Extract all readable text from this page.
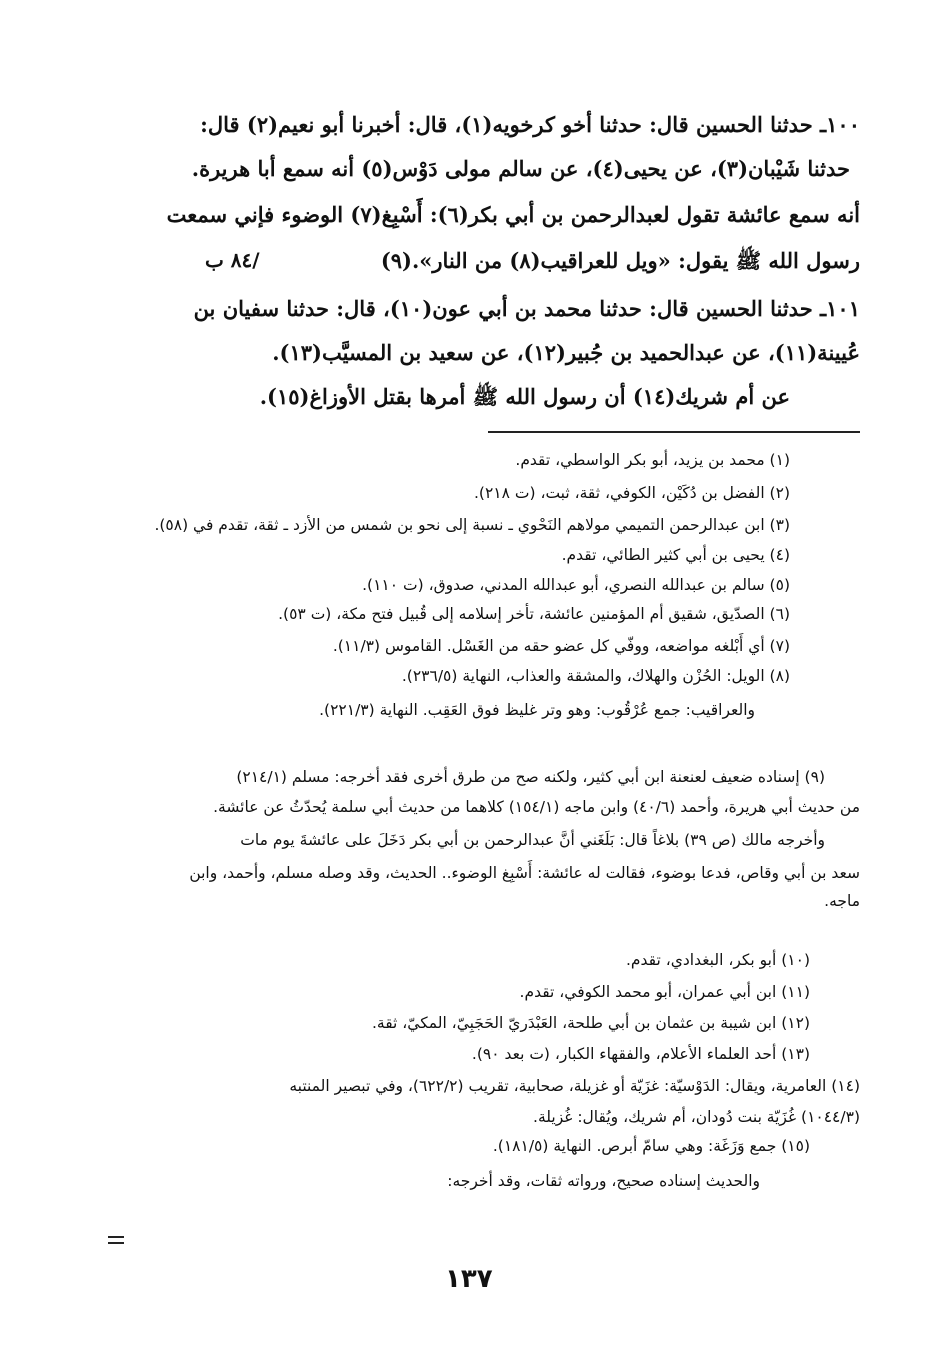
١٠٠ـ حدثنا الحسين قال: حدثنا أخو كرخويه(١)، قال: أخبرنا أبو نعيم(٢) قال:
حدثنا شَيْبان(٣)، عن يحيى(٤)، عن سالم مولى دَوْس(٥) أنه سمع أبا هريرة.
أنه سمع عائشة تقول لعبدالرحمن بن أبي بكر(٦): أَسْبِغ(٧) الوضوء فإني سمعت
رسول الله ﷺ يقول: «ويل للعراقيب(٨) من النار».(٩)
/٨٤ ب
١٠١ـ حدثنا الحسين قال: حدثنا محمد بن أبي عون(١٠)، قال: حدثنا سفيان بن
عُيينة(١١)، عن عبدالحميد بن جُبير(١٢)، عن سعيد بن المسيَّب(١٣).
عن أم شريك(١٤) أن رسول الله ﷺ أمرها بقتل الأوزاغ(١٥).
(١) محمد بن يزيد، أبو بكر الواسطي، تقدم.
(٢) الفضل بن دُكَيْن، الكوفي، ثقة، ثبت، (ت ٢١٨).
(٣) ابن عبدالرحمن التميمي مولاهم النَحْوي ـ نسبة إلى نحو بن شمس من الأزد ـ ثقة، تقدم في (٥٨).
(٤) يحيى بن أبي كثير الطائي، تقدم.
(٥) سالم بن عبدالله النصري، أبو عبدالله المدني، صدوق، (ت ١١٠).
(٦) الصدّيق، شقيق أم المؤمنين عائشة، تأخر إسلامه إلى قُبيل فتح مكة، (ت ٥٣).
(٧) أي أَبْلغه مواضعه، ووفّي كل عضو حقه من الغَسْل. القاموس (١١/٣).
(٨) الويل: الحُزْن والهلاك، والمشقة والعذاب، النهاية (٢٣٦/٥).
والعراقيب: جمع عُرْقُوب: وهو وتر غليظ فوق العَقِب. النهاية (٢٢١/٣).
(٩) إسناده ضعيف لعنعنة ابن أبي كثير، ولكنه صح من طرق أخرى فقد أخرجه: مسلم (٢١٤/١)
من حديث أبي هريرة، وأحمد (٤٠/٦) وابن ماجه (١٥٤/١) كلاهما من حديث أبي سلمة يُحدّثُ عن عائشة.
وأخرجه مالك (ص ٣٩) بلاغاً قال: بَلَغَني أنَّ عبدالرحمن بن أبي بكر دَخَلَ على عائشةَ يوم مات
سعد بن أبي وقاص، فدعا بوضوء، فقالت له عائشة: أَسْبِغ الوضوء.. الحديث، وقد وصله مسلم، وأحمد، وابن
ماجه.
(١٠) أبو بكر، البغدادي، تقدم.
(١١) ابن أبي عمران، أبو محمد الكوفي، تقدم.
(١٢) ابن شيبة بن عثمان بن أبي طلحة، العَبْدَريّ الحَجَبِيّ، المكيّ، ثقة.
(١٣) أحد العلماء الأعلام، والفقهاء الكبار، (ت بعد ٩٠).
(١٤) العامرية، ويقال: الدَوْسيّة: غزَيّة أو غزيلة، صحابية، تقريب (٦٢٢/٢)، وفي تبصير المنتبه
(١٠٤٤/٣) غُزَيّة بنت دُودان، أم شريك، ويُقال: غُزيلة.
(١٥) جمع وَزَغَة: وهي سامّ أبرص. النهاية (١٨١/٥).
والحديث إسناده صحيح، ورواته ثقات، وقد أخرجه:
١٣٧
